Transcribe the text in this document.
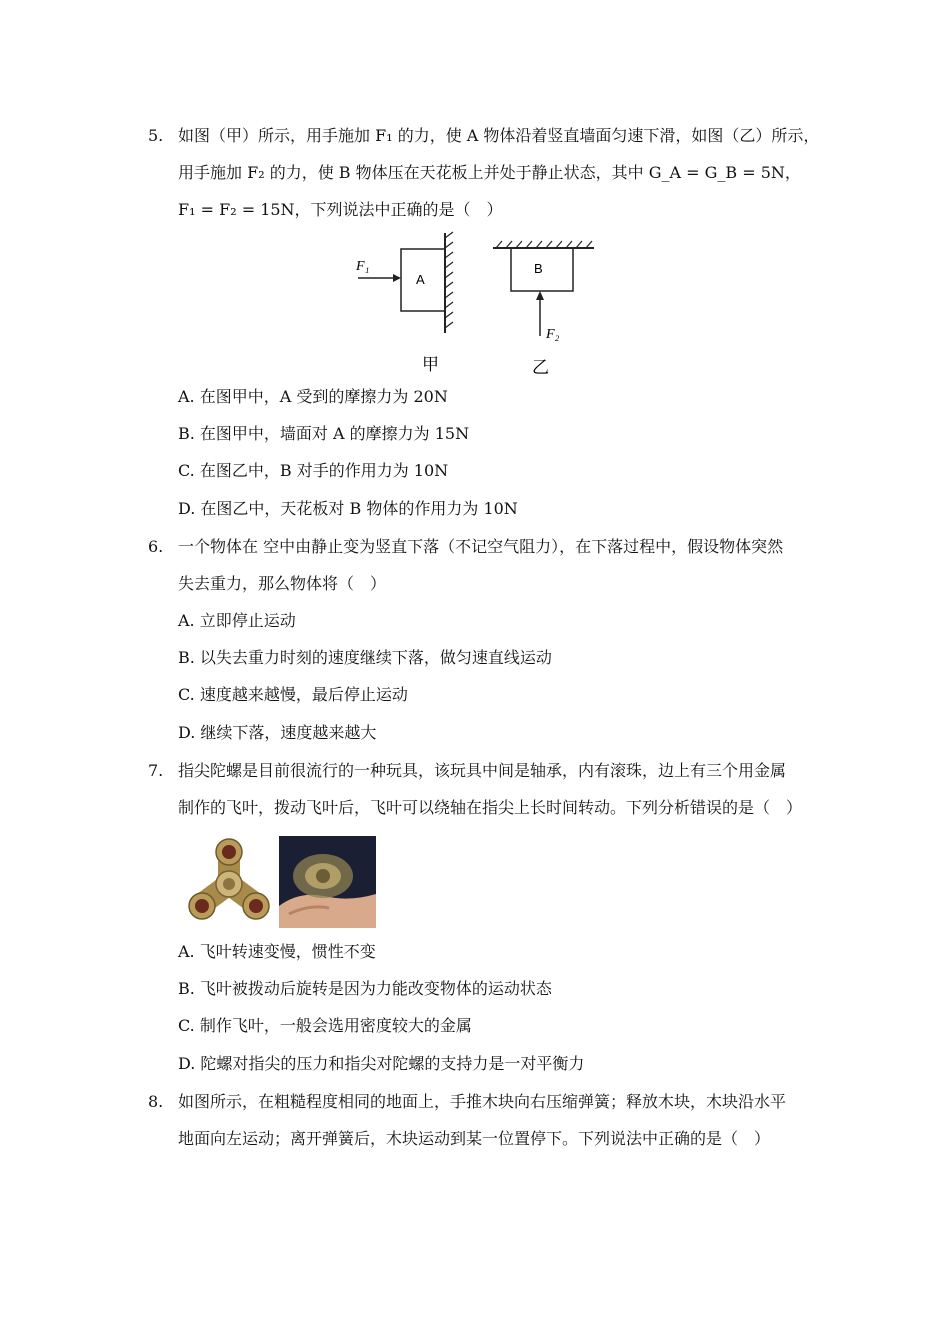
5. 如图（甲）所示，用手施加 F₁ 的力，使 A 物体沿着竖直墙面匀速下滑，如图（乙）所示，
用手施加 F₂ 的力，使 B 物体压在天花板上并处于静止状态，其中 G_A = G_B = 5N，
F₁ = F₂ = 15N，下列说法中正确的是（　）
A
F₁
甲
B
F₂
乙
A. 在图甲中，A 受到的摩擦力为 20N
B. 在图甲中，墙面对 A 的摩擦力为 15N
C. 在图乙中，B 对手的作用力为 10N
D. 在图乙中，天花板对 B 物体的作用力为 10N
6. 一个物体在 空中由静止变为竖直下落（不记空气阻力），在下落过程中，假设物体突然
失去重力，那么物体将（　）
A. 立即停止运动
B. 以失去重力时刻的速度继续下落，做匀速直线运动
C. 速度越来越慢，最后停止运动
D. 继续下落，速度越来越大
7. 指尖陀螺是目前很流行的一种玩具，该玩具中间是轴承，内有滚珠，边上有三个用金属
制作的飞叶，拨动飞叶后，飞叶可以绕轴在指尖上长时间转动。下列分析错误的是（　）
A. 飞叶转速变慢，惯性不变
B. 飞叶被拨动后旋转是因为力能改变物体的运动状态
C. 制作飞叶，一般会选用密度较大的金属
D. 陀螺对指尖的压力和指尖对陀螺的支持力是一对平衡力
8. 如图所示，在粗糙程度相同的地面上，手推木块向右压缩弹簧；释放木块，木块沿水平
地面向左运动；离开弹簧后，木块运动到某一位置停下。下列说法中正确的是（　）
